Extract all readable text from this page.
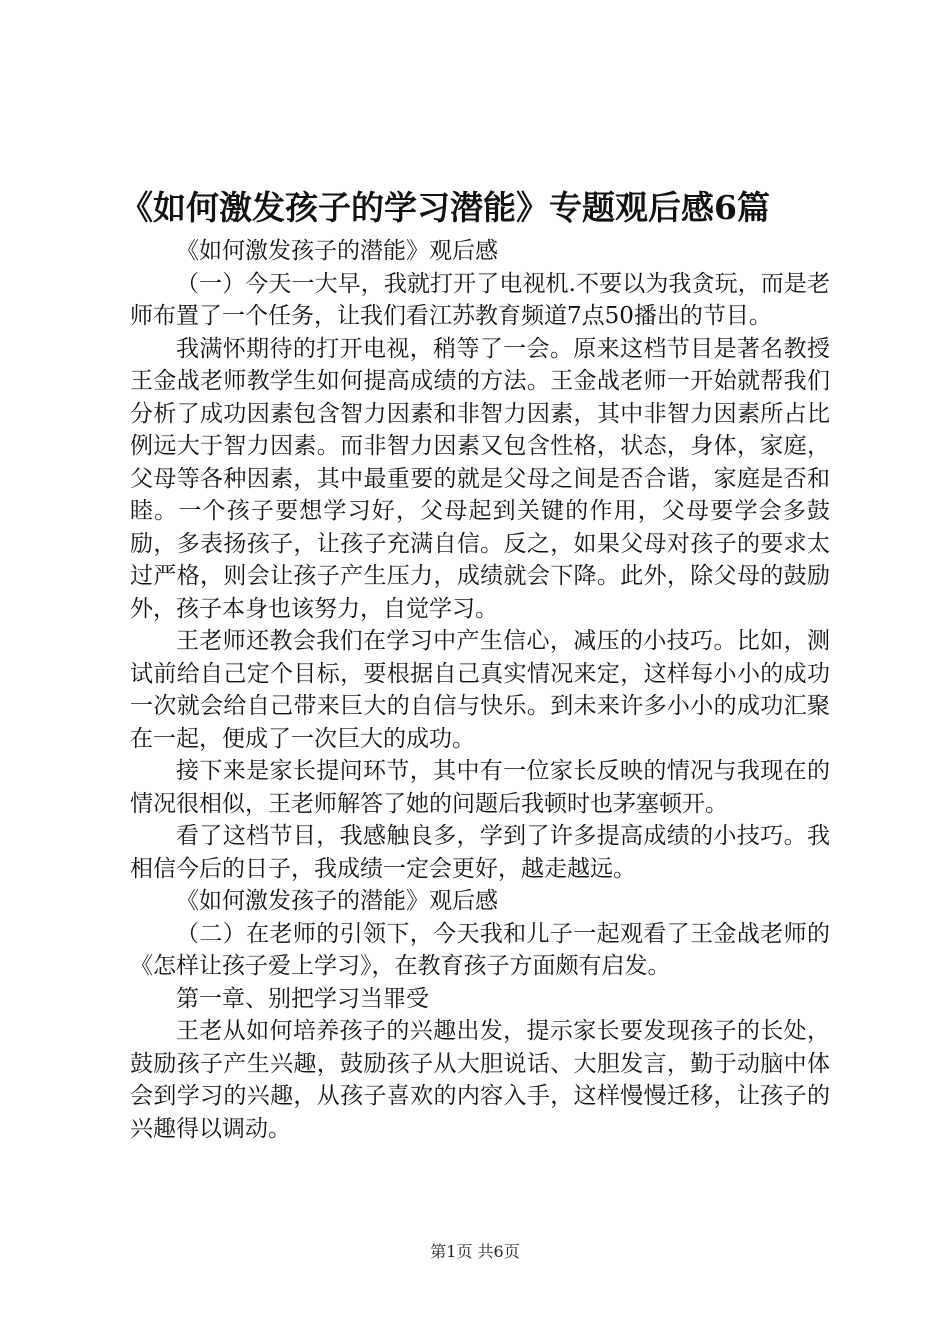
《如何激发孩子的学习潜能》专题观后感6篇

《如何激发孩子的潜能》观后感

（一）今天一大早，我就打开了电视机.不要以为我贪玩，而是老师布置了一个任务，让我们看江苏教育频道7点50播出的节目。

我满怀期待的打开电视，稍等了一会。原来这档节目是著名教授王金战老师教学生如何提高成绩的方法。王金战老师一开始就帮我们分析了成功因素包含智力因素和非智力因素，其中非智力因素所占比例远大于智力因素。而非智力因素又包含性格，状态，身体，家庭，父母等各种因素，其中最重要的就是父母之间是否合谐，家庭是否和睦。一个孩子要想学习好，父母起到关键的作用，父母要学会多鼓励，多表扬孩子，让孩子充满自信。反之，如果父母对孩子的要求太过严格，则会让孩子产生压力，成绩就会下降。此外，除父母的鼓励外，孩子本身也该努力，自觉学习。

王老师还教会我们在学习中产生信心，减压的小技巧。比如，测试前给自己定个目标，要根据自己真实情况来定，这样每小小的成功一次就会给自己带来巨大的自信与快乐。到未来许多小小的成功汇聚在一起，便成了一次巨大的成功。

接下来是家长提问环节，其中有一位家长反映的情况与我现在的情况很相似，王老师解答了她的问题后我顿时也茅塞顿开。

看了这档节目，我感触良多，学到了许多提高成绩的小技巧。我相信今后的日子，我成绩一定会更好，越走越远。

《如何激发孩子的潜能》观后感

（二）在老师的引领下，今天我和儿子一起观看了王金战老师的《怎样让孩子爱上学习》，在教育孩子方面颇有启发。

第一章、别把学习当罪受

王老从如何培养孩子的兴趣出发，提示家长要发现孩子的长处，鼓励孩子产生兴趣，鼓励孩子从大胆说话、大胆发言，勤于动脑中体会到学习的兴趣，从孩子喜欢的内容入手，这样慢慢迁移，让孩子的兴趣得以调动。

第1页 共6页
